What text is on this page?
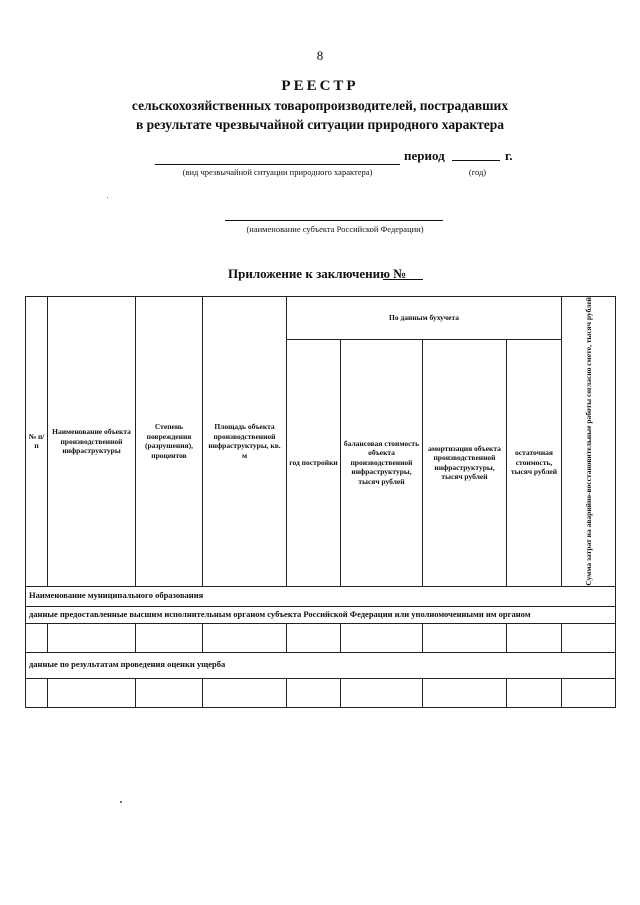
8
РЕЕСТР
сельскохозяйственных товаропроизводителей, пострадавших
в результате чрезвычайной ситуации природного характера
период	г.
(вид чрезвычайной ситуации природного характера)	(год)
(наименование субъекта Российской Федерации)
Приложение к заключению №
№ п/п	Наименование объекта производственной инфраструктуры	Степень повреждения (разрушения), процентов	Площадь объекта производственной инфраструктуры, кв. м	По данным бухучета				Сумма затрат на аварийно-восстановительные работы согласно смете, тысяч рублей

				год постройки	балансовая стоимость объекта производственной инфраструктуры, тысяч рублей	амортизация объекта производственной инфраструктуры, тысяч рублей	остаточная стоимость, тысяч рублей	
Наименование муниципального образования								
данные предоставленные высшим исполнительным органом субъекта Российской Федерации или уполномоченными им органом								

данные по результатам проведения оценки ущерба								
